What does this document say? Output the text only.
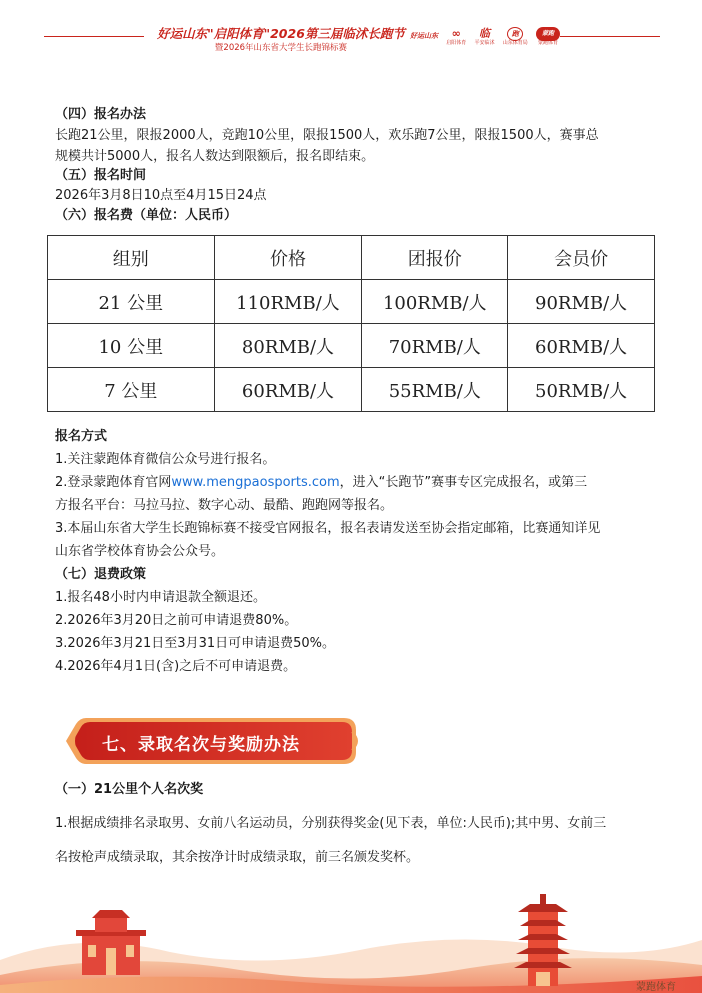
好运山东"启阳体育"2026第三届临沭长跑节
暨2026年山东省大学生长跑锦标赛
好运山东 ∞
启阳体育
临
平安临沭
跑
山东体育局
蒙跑
蒙跑体育
（四）报名办法
长跑21公里，限报2000人，竞跑10公里，限报1500人，欢乐跑7公里，限报1500人，赛事总
规模共计5000人，报名人数达到限额后，报名即结束。
（五）报名时间
2026年3月8日10点至4月15日24点
（六）报名费（单位：人民币）
组别	价格	团报价	会员价
21 公里	110RMB/人	100RMB/人	90RMB/人
10 公里	80RMB/人	70RMB/人	60RMB/人
7 公里	60RMB/人	55RMB/人	50RMB/人
报名方式
1.关注蒙跑体育微信公众号进行报名。
2.登录蒙跑体育官网www.mengpaosports.com，进入“长跑节”赛事专区完成报名，或第三
方报名平台：马拉马拉、数字心动、最酷、跑跑网等报名。
3.本届山东省大学生长跑锦标赛不接受官网报名，报名表请发送至协会指定邮箱，比赛通知详见
山东省学校体育协会公众号。
（七）退费政策
1.报名48小时内申请退款全额退还。
2.2026年3月20日之前可申请退费80%。
3.2026年3月21日至3月31日可申请退费50%。
4.2026年4月1日(含)之后不可申请退费。
七、录取名次与奖励办法
（一）21公里个人名次奖
1.根据成绩排名录取男、女前八名运动员，分别获得奖金(见下表，单位:人民币);其中男、女前三
名按枪声成绩录取，其余按净计时成绩录取，前三名颁发奖杯。
蒙跑体育
